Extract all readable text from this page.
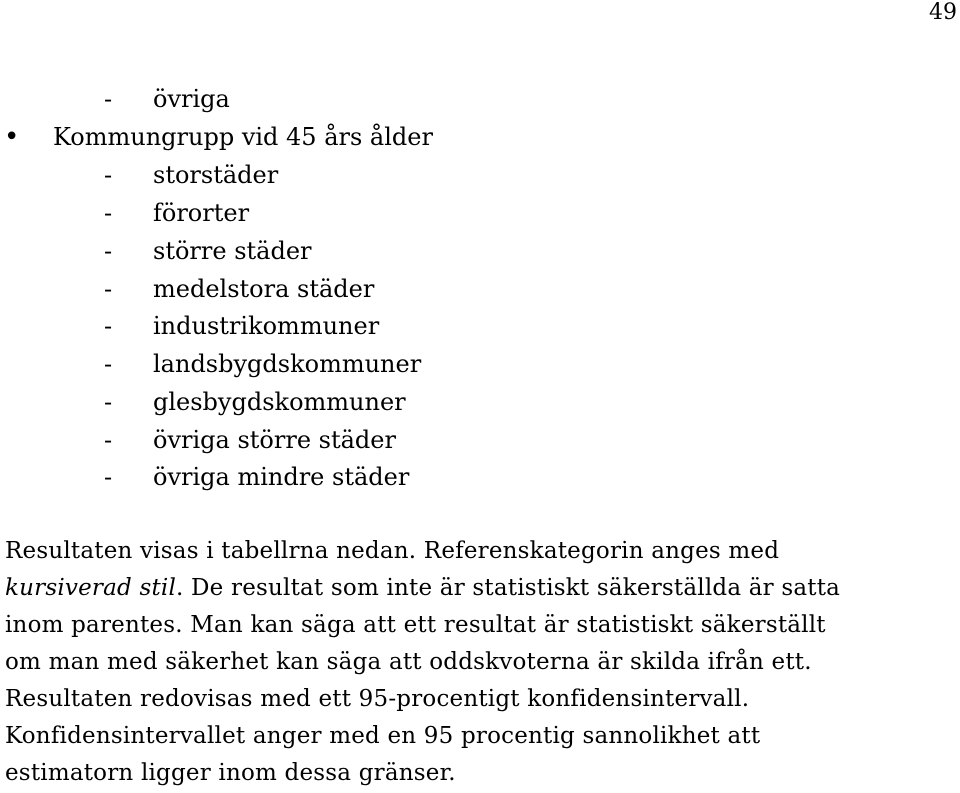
49
- övriga
• Kommungrupp vid 45 års ålder
- storstäder
- förorter
- större städer
- medelstora städer
- industrikommuner
- landsbygdskommuner
- glesbygdskommuner
- övriga större städer
- övriga mindre städer
Resultaten visas i tabellrna nedan. Referenskategorin anges med
kursiverad stil. De resultat som inte är statistiskt säkerställda är satta
inom parentes. Man kan säga att ett resultat är statistiskt säkerställt
om man med säkerhet kan säga att oddskvoterna är skilda ifrån ett.
Resultaten redovisas med ett 95-procentigt konfidensintervall.
Konfidensintervallet anger med en 95 procentig sannolikhet att
estimatorn ligger inom dessa gränser.
